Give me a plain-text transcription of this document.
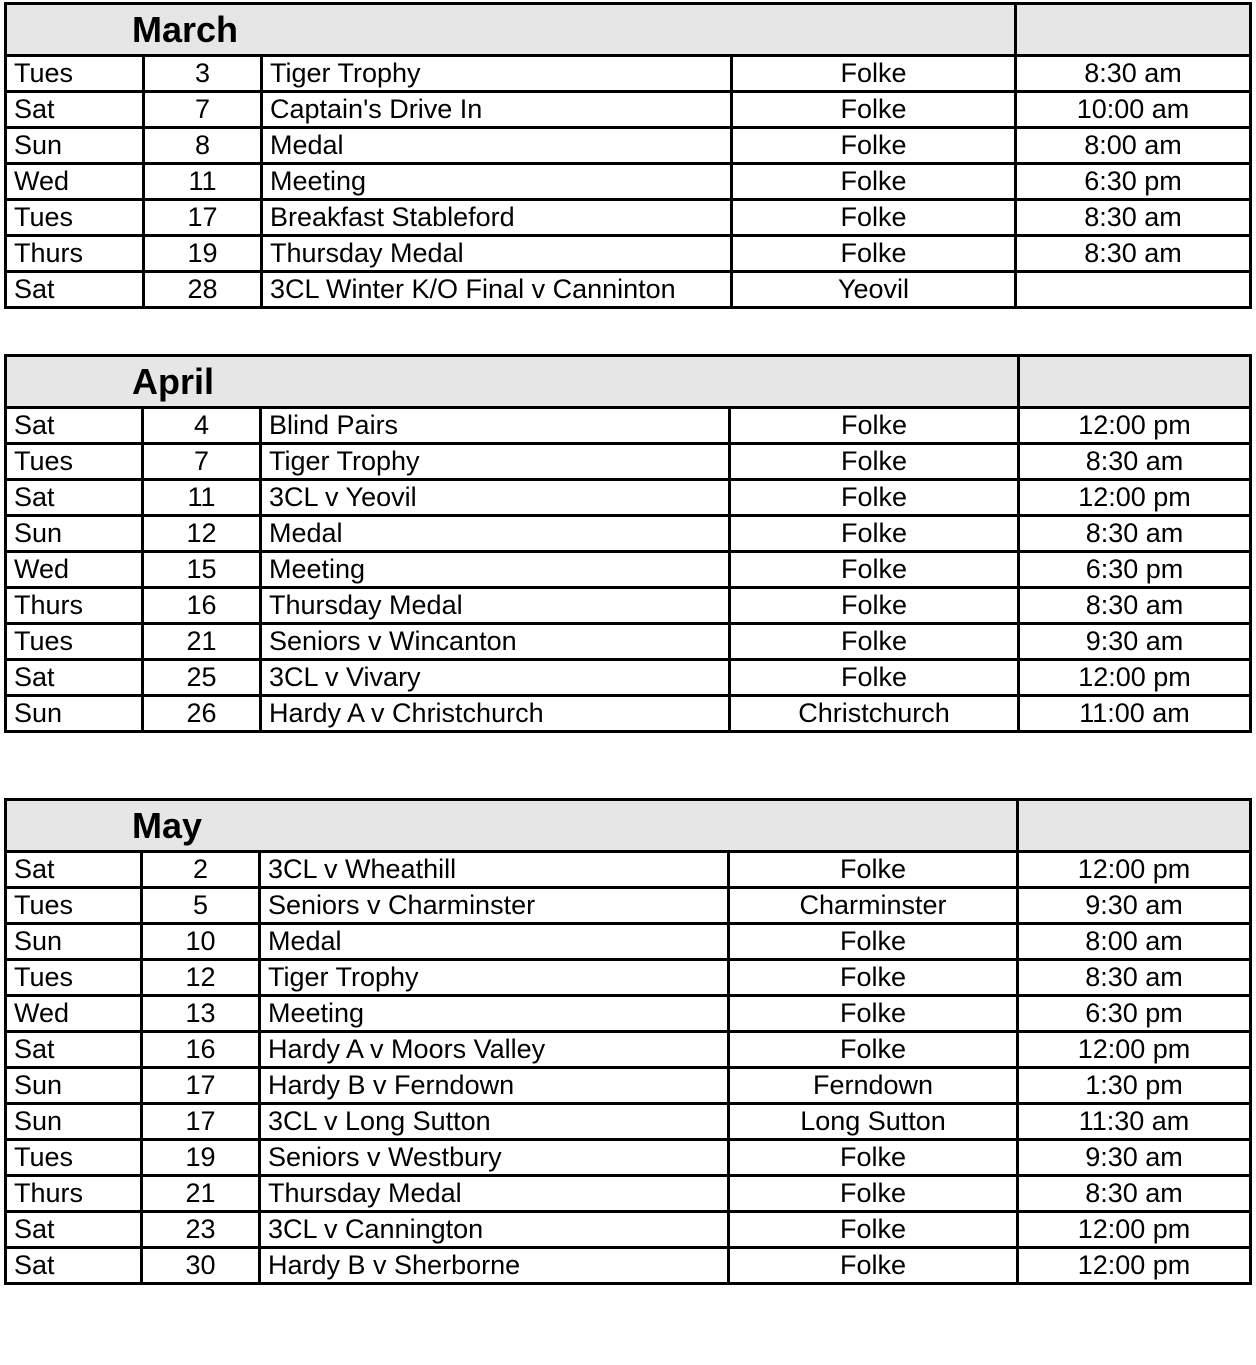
March				
Tues	3	Tiger Trophy	Folke	8:30 am
Sat	7	Captain's Drive In	Folke	10:00 am
Sun	8	Medal	Folke	8:00 am
Wed	11	Meeting	Folke	6:30 pm
Tues	17	Breakfast Stableford	Folke	8:30 am
Thurs	19	Thursday Medal	Folke	8:30 am
Sat	28	3CL Winter K/O Final v Canninton	Yeovil	
April				
Sat	4	Blind Pairs	Folke	12:00 pm
Tues	7	Tiger Trophy	Folke	8:30 am
Sat	11	3CL v Yeovil	Folke	12:00 pm
Sun	12	Medal	Folke	8:30 am
Wed	15	Meeting	Folke	6:30 pm
Thurs	16	Thursday Medal	Folke	8:30 am
Tues	21	Seniors v Wincanton	Folke	9:30 am
Sat	25	3CL v Vivary	Folke	12:00 pm
Sun	26	Hardy A v Christchurch	Christchurch	11:00 am
May				
Sat	2	3CL v Wheathill	Folke	12:00 pm
Tues	5	Seniors v Charminster	Charminster	9:30 am
Sun	10	Medal	Folke	8:00 am
Tues	12	Tiger Trophy	Folke	8:30 am
Wed	13	Meeting	Folke	6:30 pm
Sat	16	Hardy A v Moors Valley	Folke	12:00 pm
Sun	17	Hardy B v Ferndown	Ferndown	1:30 pm
Sun	17	3CL v Long Sutton	Long Sutton	11:30 am
Tues	19	Seniors v Westbury	Folke	9:30 am
Thurs	21	Thursday Medal	Folke	8:30 am
Sat	23	3CL v Cannington	Folke	12:00 pm
Sat	30	Hardy B v Sherborne	Folke	12:00 pm
